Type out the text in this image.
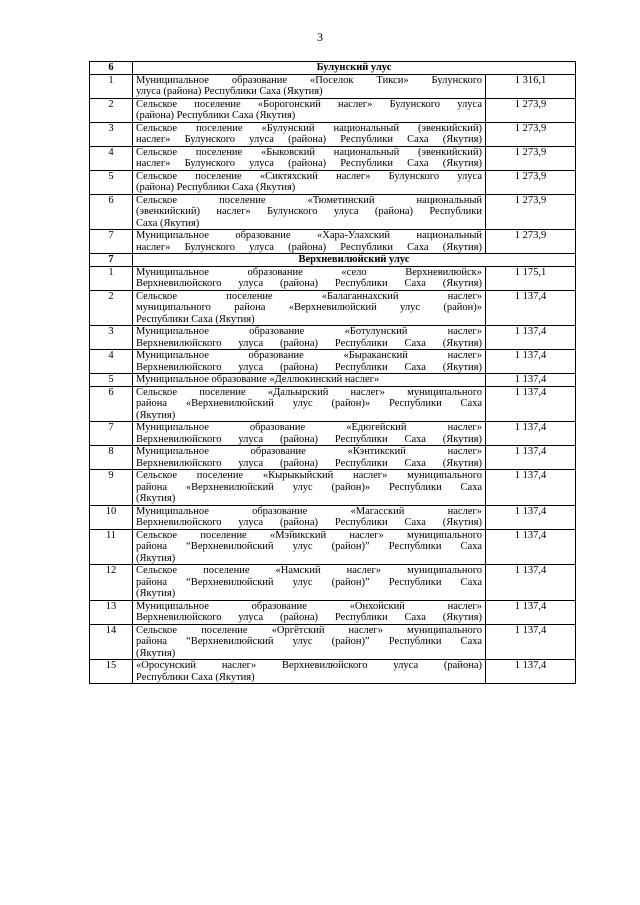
3
6	Булунский улус	
1	Муниципальное образование «Поселок Тикси» Булунского
улуса (района) Республики Саха (Якутия)	1 316,1
2	Сельское поселение «Борогонский наслег» Булунского улуса
(района) Республики Саха (Якутия)	1 273,9
3	Сельское поселение «Булунский национальный (эвенкийский)
наслег» Булунского улуса (района) Республики Саха (Якутия)	1 273,9
4	Сельское поселение «Быковский национальный (эвенкийский)
наслег» Булунского улуса (района) Республики Саха (Якутия)	1 273,9
5	Сельское поселение «Сиктяхский наслег» Булунского улуса
(района) Республики Саха (Якутия)	1 273,9
6	Сельское поселение «Тюметинский национальный
(эвенкийский) наслег» Булунского улуса (района) Республики
Саха (Якутия)	1 273,9
7	Муниципальное образование «Хара-Улахский национальный
наслег» Булунского улуса (района) Республики Саха (Якутия)	1 273,9
7	Верхневилюйский улус	
1	Муниципальное образование «село Верхневилюйск»
Верхневилюйского улуса (района) Республики Саха (Якутия)	1 175,1
2	Сельское поселение «Балаганнахский наслег»
муниципального района «Верхневилюйский улус (район)»
Республики Саха (Якутия)	1 137,4
3	Муниципальное образование «Ботулунский наслег»
Верхневилюйского улуса (района) Республики Саха (Якутия)	1 137,4
4	Муниципальное образование «Быраканский наслег»
Верхневилюйского улуса (района) Республики Саха (Якутия)	1 137,4
5	Муниципальное образование «Деллюкинский наслег»	1 137,4
6	Сельское поселение «Дальырский наслег» муниципального
района «Верхневилюйский улус (район)» Республики Саха
(Якутия)	1 137,4
7	Муниципальное образование «Едюгейский наслег»
Верхневилюйского улуса (района) Республики Саха (Якутия)	1 137,4
8	Муниципальное образование «Кэнтикский наслег»
Верхневилюйского улуса (района) Республики Саха (Якутия)	1 137,4
9	Сельское поселение «Кырыкыйский наслег» муниципального
района «Верхневилюйский улус (район)» Республики Саха
(Якутия)	1 137,4
10	Муниципальное образование «Магасский наслег»
Верхневилюйского улуса (района) Республики Саха (Якутия)	1 137,4
11	Сельское поселение «Мэйикский наслег» муниципального
района “Верхневилюйский улус (район)” Республики Саха
(Якутия)	1 137,4
12	Сельское поселение «Намский наслег» муниципального
района “Верхневилюйский улус (район)” Республики Саха
(Якутия)	1 137,4
13	Муниципальное образование «Онхойский наслег»
Верхневилюйского улуса (района) Республики Саха (Якутия)	1 137,4
14	Сельское поселение «Оргётский наслег» муниципального
района “Верхневилюйский улус (район)” Республики Саха
(Якутия)	1 137,4
15	«Оросунский наслег» Верхневилюйского улуса (района)
Республики Саха (Якутия)	1 137,4
